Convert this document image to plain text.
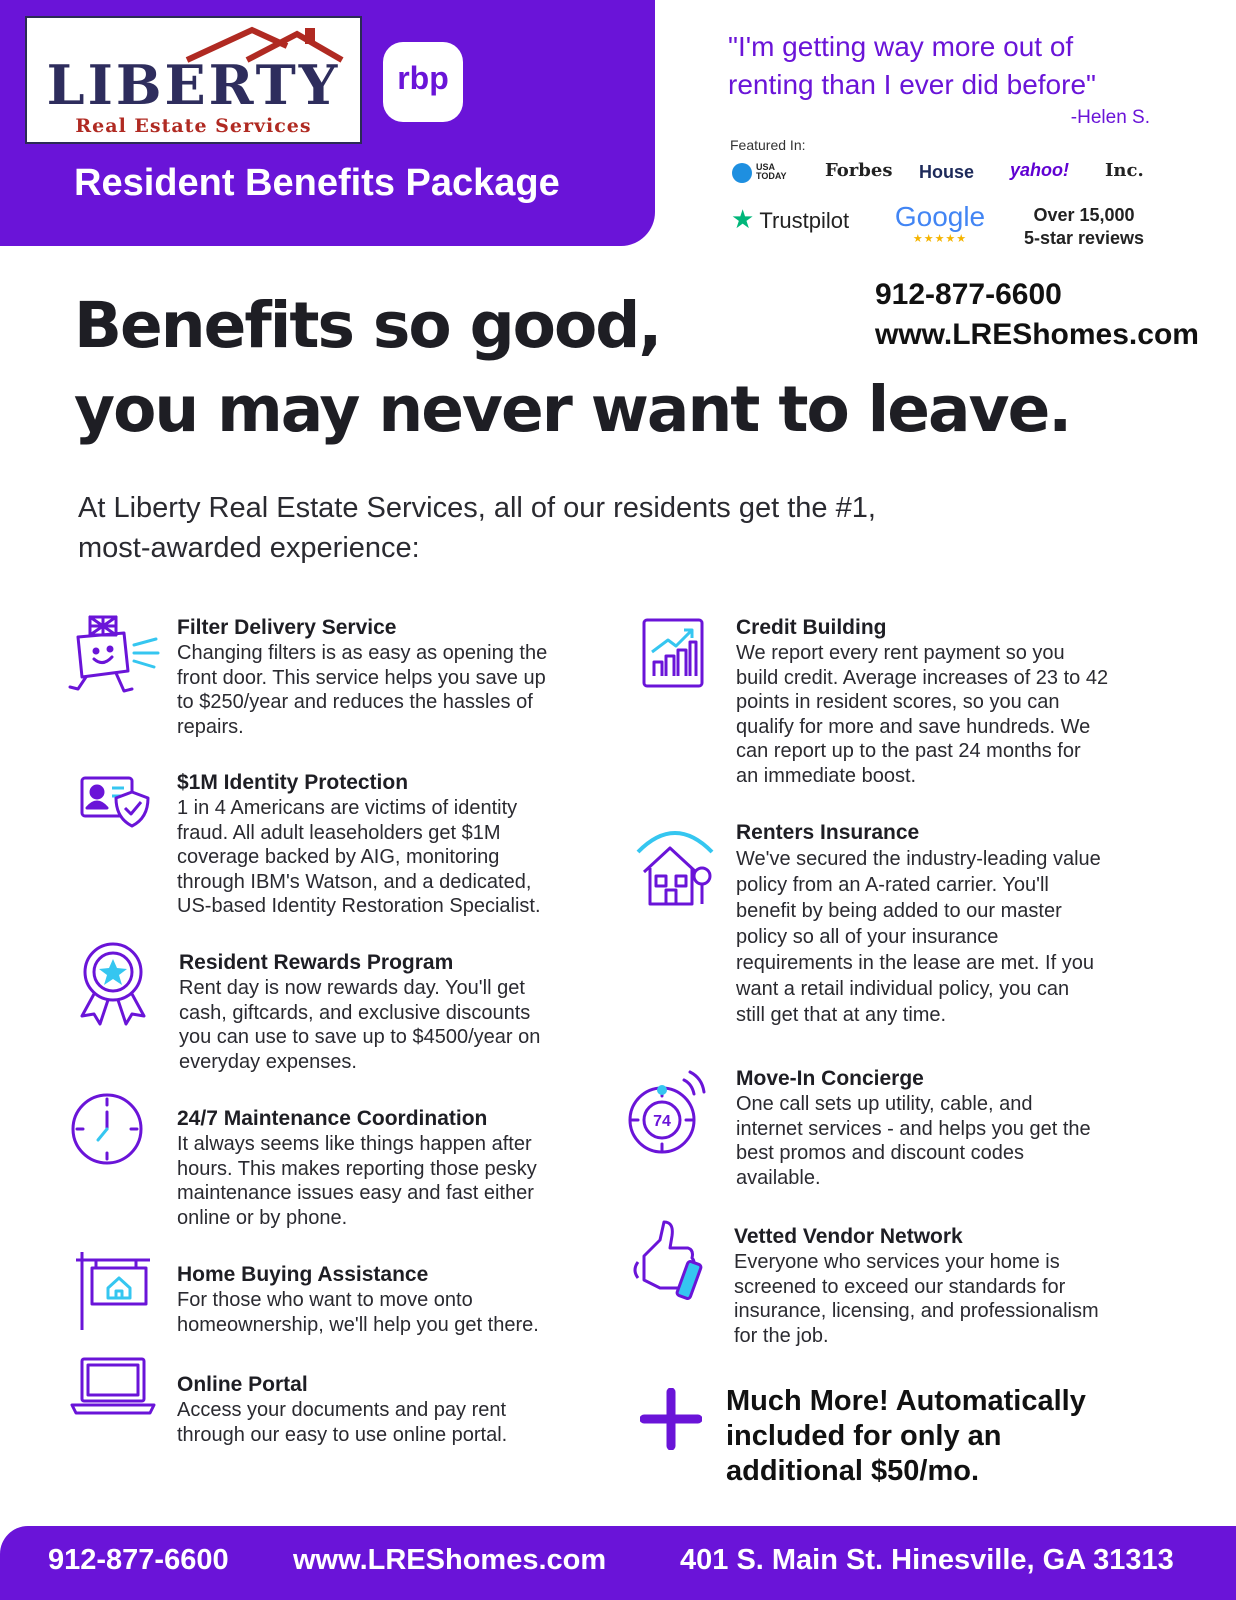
LIBERTY
Real Estate Services
rbp
Resident Benefits Package
"I'm getting way more out of
renting than I ever did before"
-Helen S.
Featured In:
USA TODAY	Forbes House yahoo! Inc.
★ Trustpilot Google
★★★★★
Over 15,000
5-star reviews
912-877-6600
www.LREShomes.com
Benefits so good,
you may never want to leave.
At Liberty Real Estate Services, all of our residents get the #1,
most-awarded experience:
Filter Delivery Service
Changing filters is as easy as opening the
front door. This service helps you save up
to $250/year and reduces the hassles of
repairs.
$1M Identity Protection
1 in 4 Americans are victims of identity
fraud. All adult leaseholders get $1M
coverage backed by AIG, monitoring
through IBM's Watson, and a dedicated,
US-based Identity Restoration Specialist.
Resident Rewards Program
Rent day is now rewards day. You'll get
cash, giftcards, and exclusive discounts
you can use to save up to $4500/year on
everyday expenses.
24/7 Maintenance Coordination
It always seems like things happen after
hours. This makes reporting those pesky
maintenance issues easy and fast either
online or by phone.
Home Buying Assistance
For those who want to move onto
homeownership, we'll help you get there.
Online Portal
Access your documents and pay rent
through our easy to use online portal.
74
Credit Building
We report every rent payment so you
build credit. Average increases of 23 to 42
points in resident scores, so you can
qualify for more and save hundreds. We
can report up to the past 24 months for
an immediate boost.
Renters Insurance
We've secured the industry-leading value
policy from an A-rated carrier. You'll
benefit by being added to our master
policy so all of your insurance
requirements in the lease are met. If you
want a retail individual policy, you can
still get that at any time.
Move-In Concierge
One call sets up utility, cable, and
internet services - and helps you get the
best promos and discount codes
available.
Vetted Vendor Network
Everyone who services your home is
screened to exceed our standards for
insurance, licensing, and professionalism
for the job.
Much More! Automatically
included for only an
additional $50/mo.
912-877-6600 www.LREShomes.com	401 S. Main St. Hinesville, GA 31313
